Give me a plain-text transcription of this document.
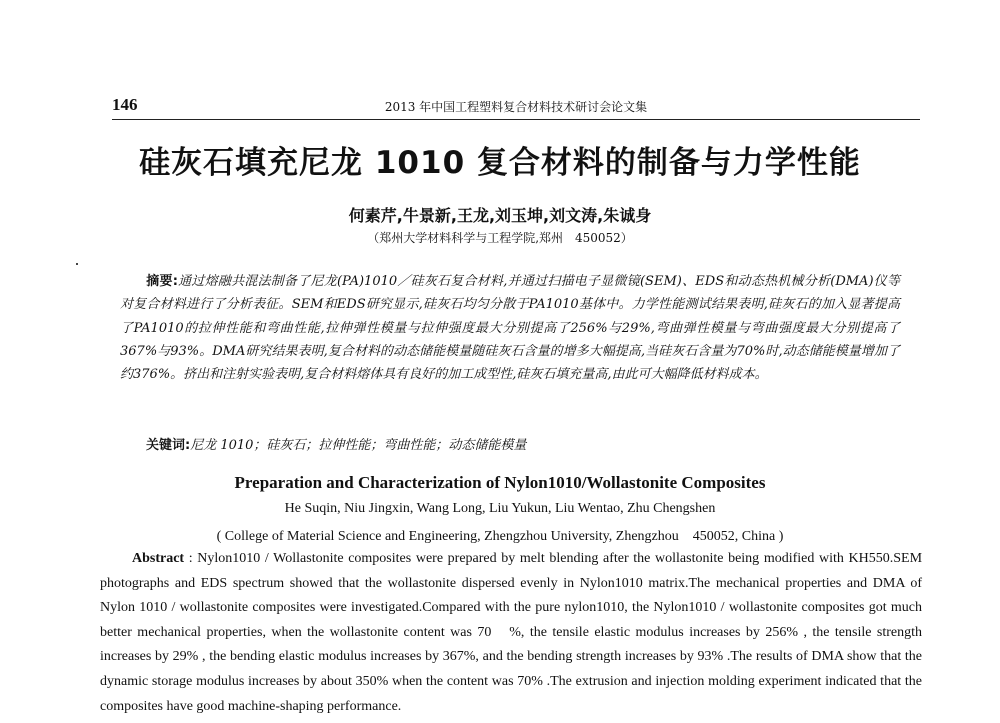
146	2013 年中国工程塑料复合材料技术研讨会论文集
硅灰石填充尼龙 1010 复合材料的制备与力学性能
何素芹,牛景新,王龙,刘玉坤,刘文涛,朱诚身
（郑州大学材料科学与工程学院,郑州　450052）
摘要:通过熔融共混法制备了尼龙(PA)1010／硅灰石复合材料,并通过扫描电子显微镜(SEM)、EDS和动态热机械分析(DMA)仪等对复合材料进行了分析表征。SEM和EDS研究显示,硅灰石均匀分散于PA1010基体中。力学性能测试结果表明,硅灰石的加入显著提高了PA1010的拉伸性能和弯曲性能,拉伸弹性模量与拉伸强度最大分别提高了256%与29%,弯曲弹性模量与弯曲强度最大分别提高了367%与93%。DMA研究结果表明,复合材料的动态储能模量随硅灰石含量的增多大幅提高,当硅灰石含量为70%时,动态储能模量增加了约376%。挤出和注射实验表明,复合材料熔体具有良好的加工成型性,硅灰石填充量高,由此可大幅降低材料成本。
关键词:尼龙 1010；硅灰石；拉伸性能；弯曲性能；动态储能模量
Preparation and Characterization of Nylon1010/Wollastonite Composites
He Suqin, Niu Jingxin, Wang Long, Liu Yukun, Liu Wentao, Zhu Chengshen
( College of Material Science and Engineering, Zhengzhou University, Zhengzhou　450052, China )
Abstract : Nylon1010 / Wollastonite composites were prepared by melt blending after the wollastonite being modified with KH550.SEM photographs and EDS spectrum showed that the wollastonite dispersed evenly in Nylon1010 matrix.The mechanical properties and DMA of Nylon 1010 / wollastonite composites were investigated.Compared with the pure nylon1010, the Nylon1010 / wollastonite composites got much better mechanical properties, when the wollastonite content was 70　%, the tensile elastic modulus increases by 256% , the tensile strength increases by 29% , the bending elastic modulus increases by 367%, and the bending strength increases by 93% .The results of DMA show that the dynamic storage modulus increases by about 350% when the content was 70% .The extrusion and injection molding experiment indicated that the composites have good machine-shaping performance.
